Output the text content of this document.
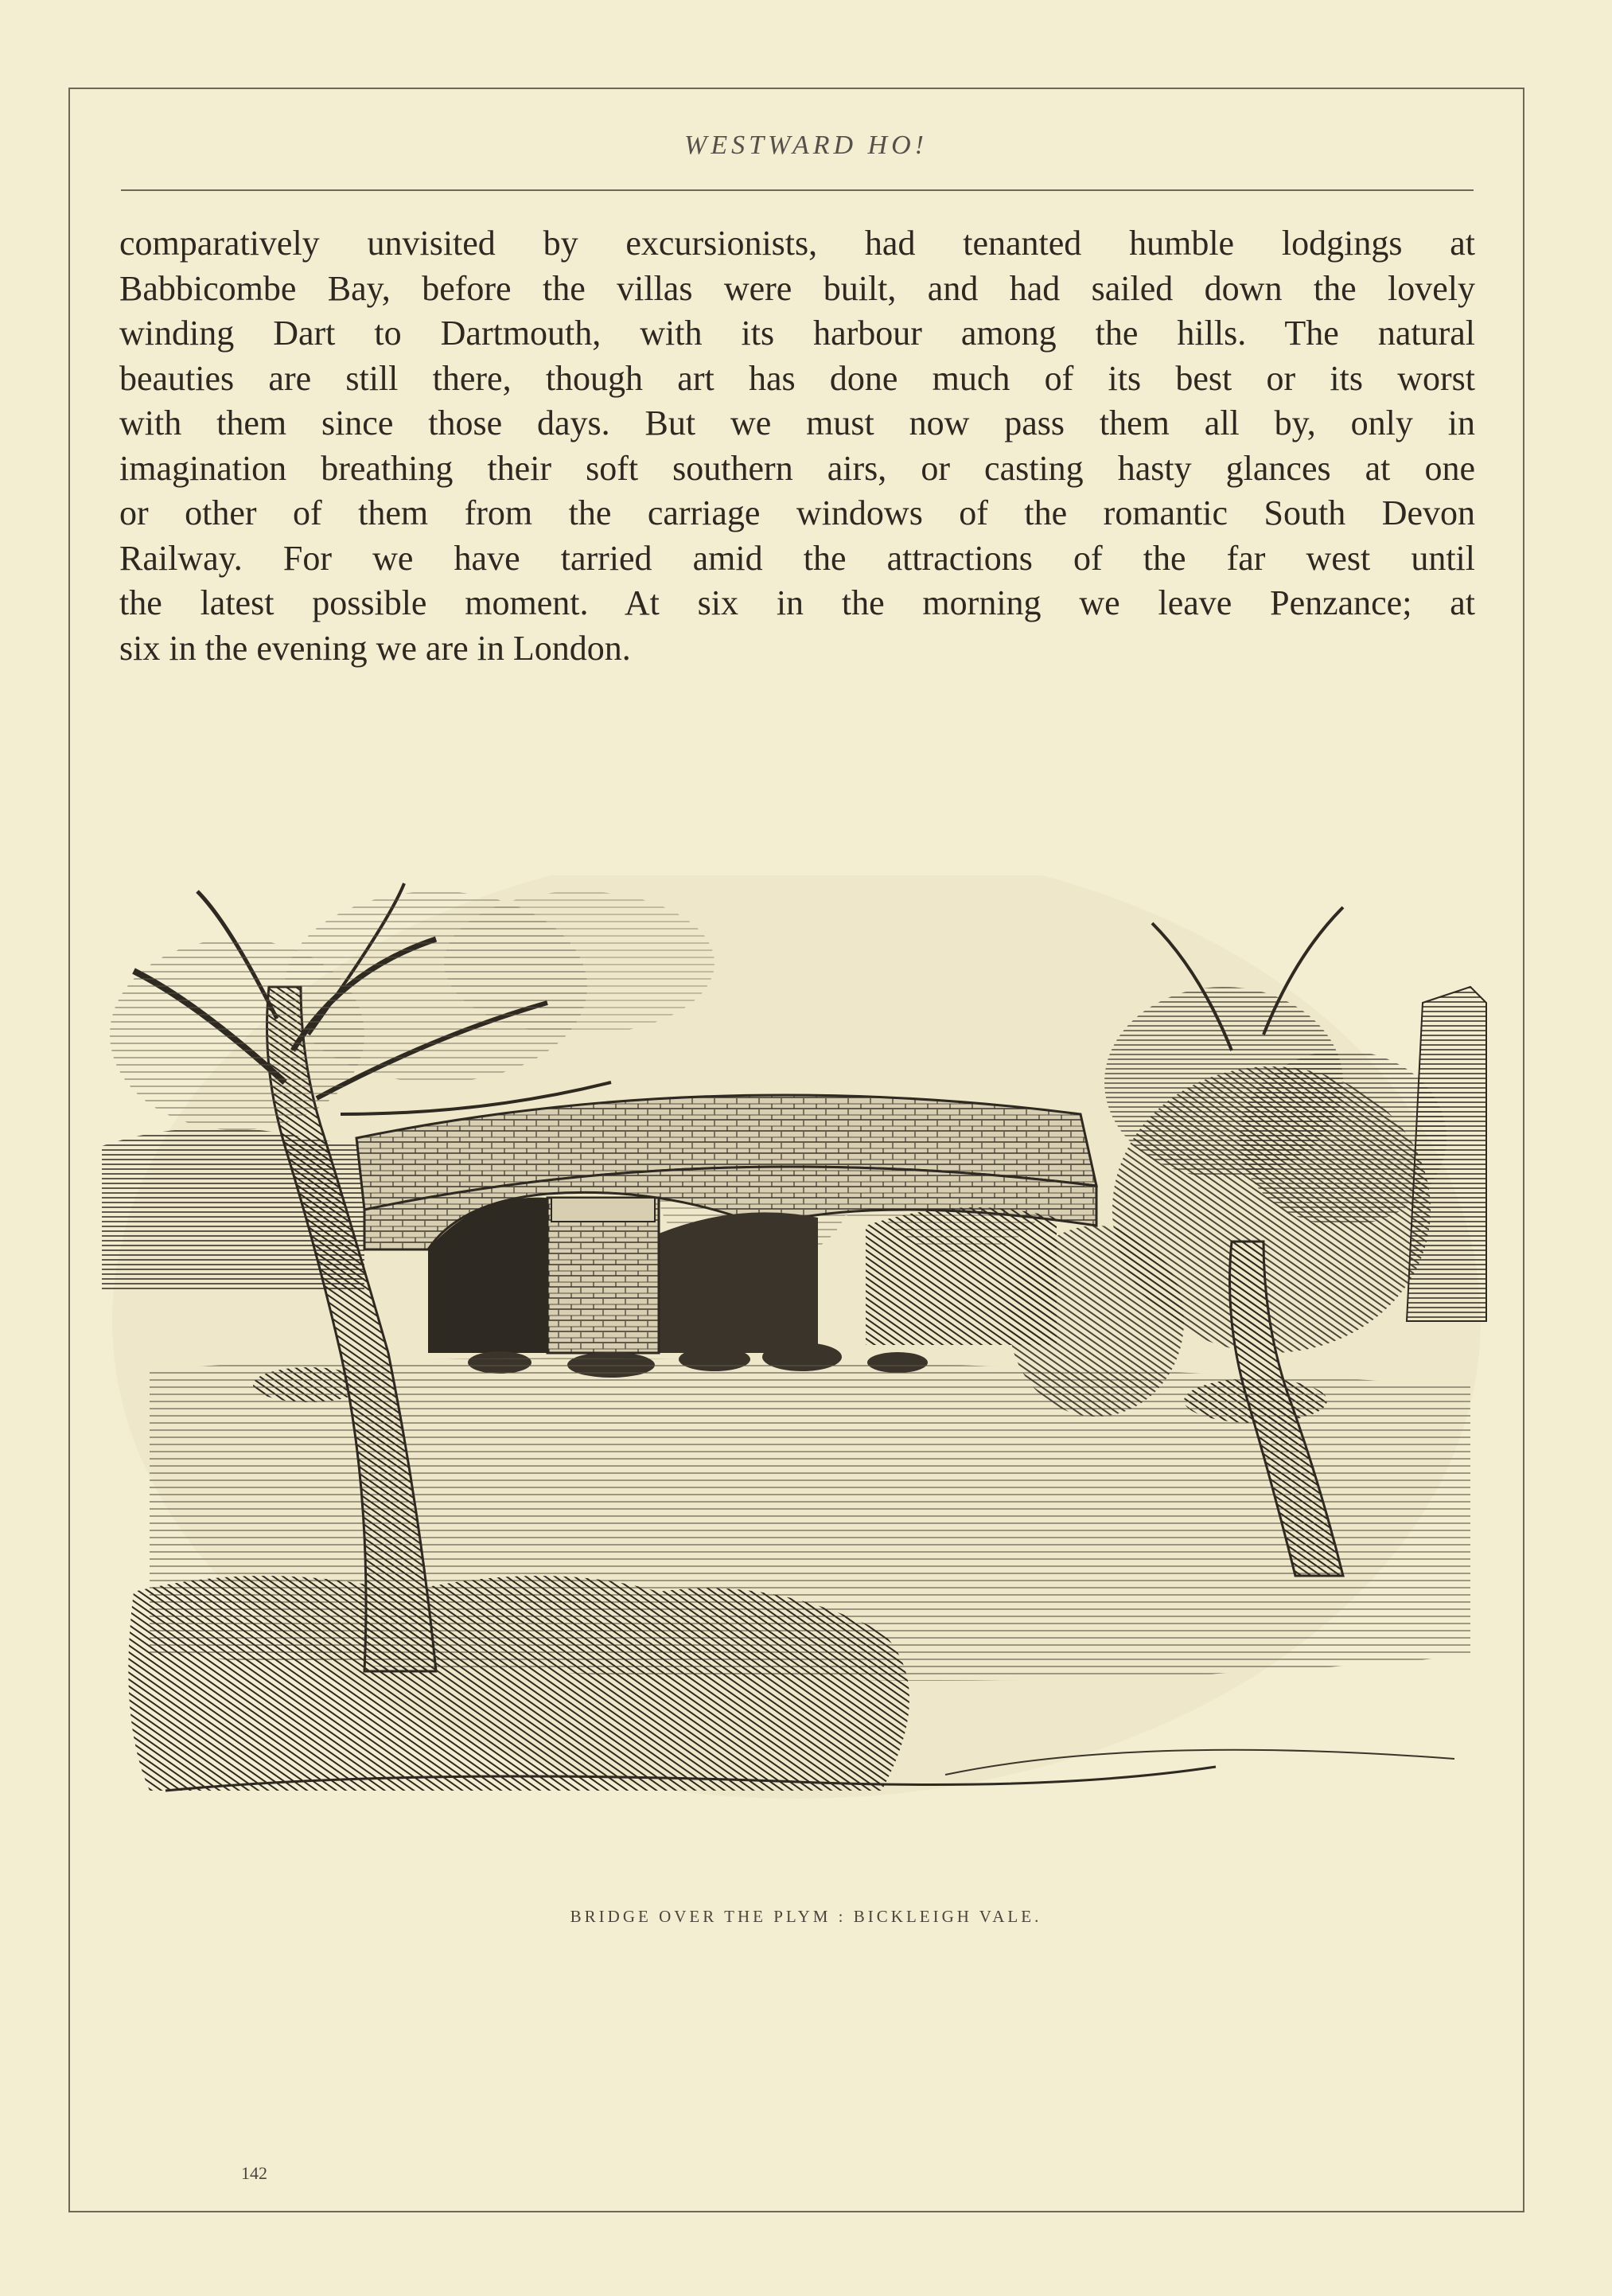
WESTWARD HO!
comparatively unvisited by excursionists, had tenanted humble lodgings at
Babbicombe Bay, before the villas were built, and had sailed down the lovely
winding Dart to Dartmouth, with its harbour among the hills. The natural
beauties are still there, though art has done much of its best or its worst
with them since those days. But we must now pass them all by, only in
imagination breathing their soft southern airs, or casting hasty glances at one
or other of them from the carriage windows of the romantic South Devon
Railway. For we have tarried amid the attractions of the far west until
the latest possible moment. At six in the morning we leave Penzance; at
six in the evening we are in London.
BRIDGE OVER THE PLYM : BICKLEIGH VALE.
142
